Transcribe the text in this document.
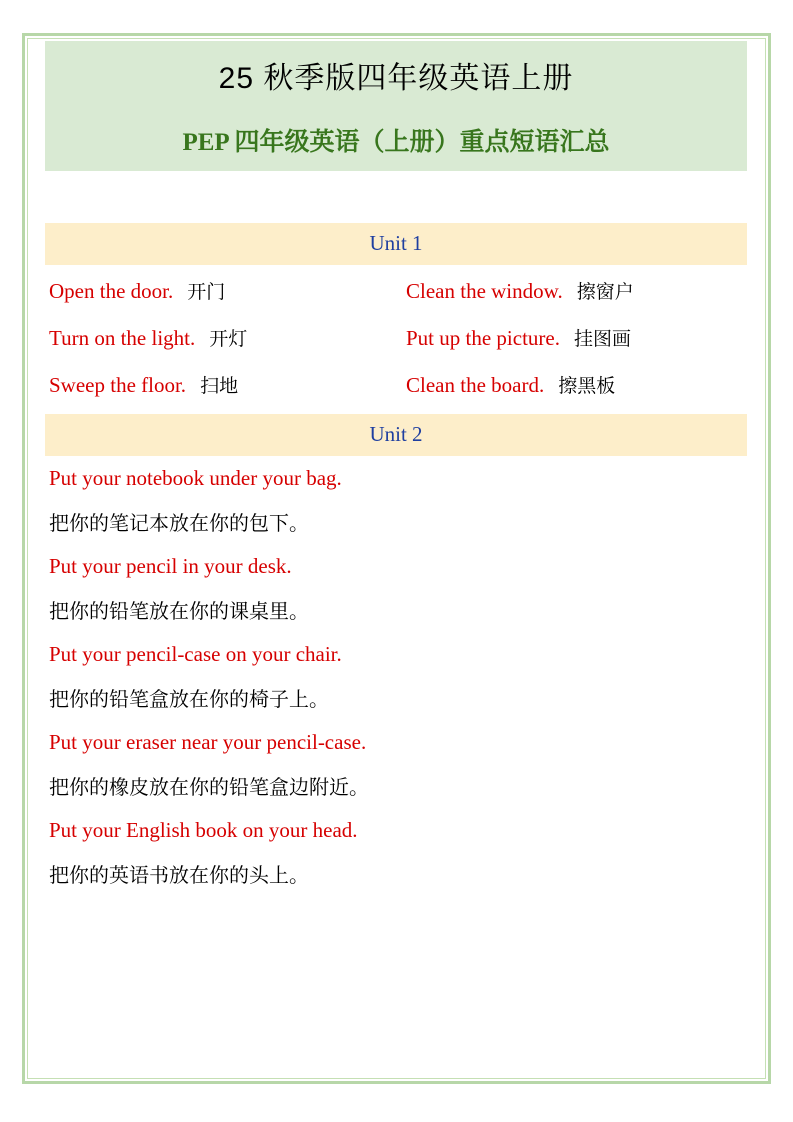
25 秋季版四年级英语上册
PEP 四年级英语（上册）重点短语汇总
Unit 1
Open the door. 开门	Clean the window. 擦窗户
Turn on the light. 开灯	Put up the picture. 挂图画
Sweep the floor. 扫地	Clean the board. 擦黑板
Unit 2

Put your notebook under your bag.

把你的笔记本放在你的包下。

Put your pencil in your desk.

把你的铅笔放在你的课桌里。

Put your pencil-case on your chair.

把你的铅笔盒放在你的椅子上。

Put your eraser near your pencil-case.

把你的橡皮放在你的铅笔盒边附近。

Put your English book on your head.

把你的英语书放在你的头上。
